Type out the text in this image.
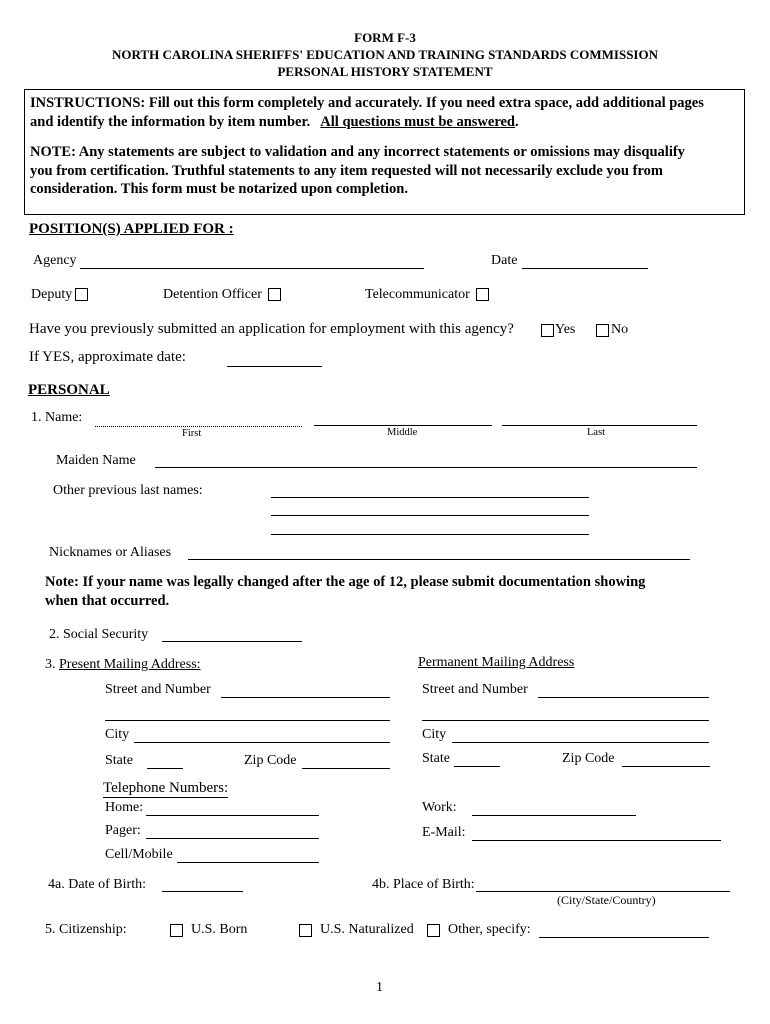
FORM F-3
NORTH CAROLINA SHERIFFS' EDUCATION AND TRAINING STANDARDS COMMISSION
PERSONAL HISTORY STATEMENT
INSTRUCTIONS: Fill out this form completely and accurately. If you need extra space, add additional pages
and identify the information by item number.   All questions must be answered.
NOTE: Any statements are subject to validation and any incorrect statements or omissions may disqualify
you from certification. Truthful statements to any item requested will not necessarily exclude you from
consideration. This form must be notarized upon completion.
POSITION(S) APPLIED FOR :
Agency	Date
Deputy	Detention Officer	Telecommunicator
Have you previously submitted an application for employment with this agency?	Yes	No
If YES, approximate date:
PERSONAL
1. Name:
First	Middle	Last
Maiden Name
Other previous last names:
Nicknames or Aliases
Note: If your name was legally changed after the age of 12, please submit documentation showing
when that occurred.
2. Social Security
3. Present Mailing Address:	Permanent Mailing Address
Street and Number	Street and Number
City	City
State	Zip Code	State	Zip Code
Telephone Numbers:
Home:	Work:
Pager:	E-Mail:
Cell/Mobile
4a. Date of Birth:	4b. Place of Birth:
(City/State/Country)
5. Citizenship:	U.S. Born	U.S. Naturalized Other, specify:
1
